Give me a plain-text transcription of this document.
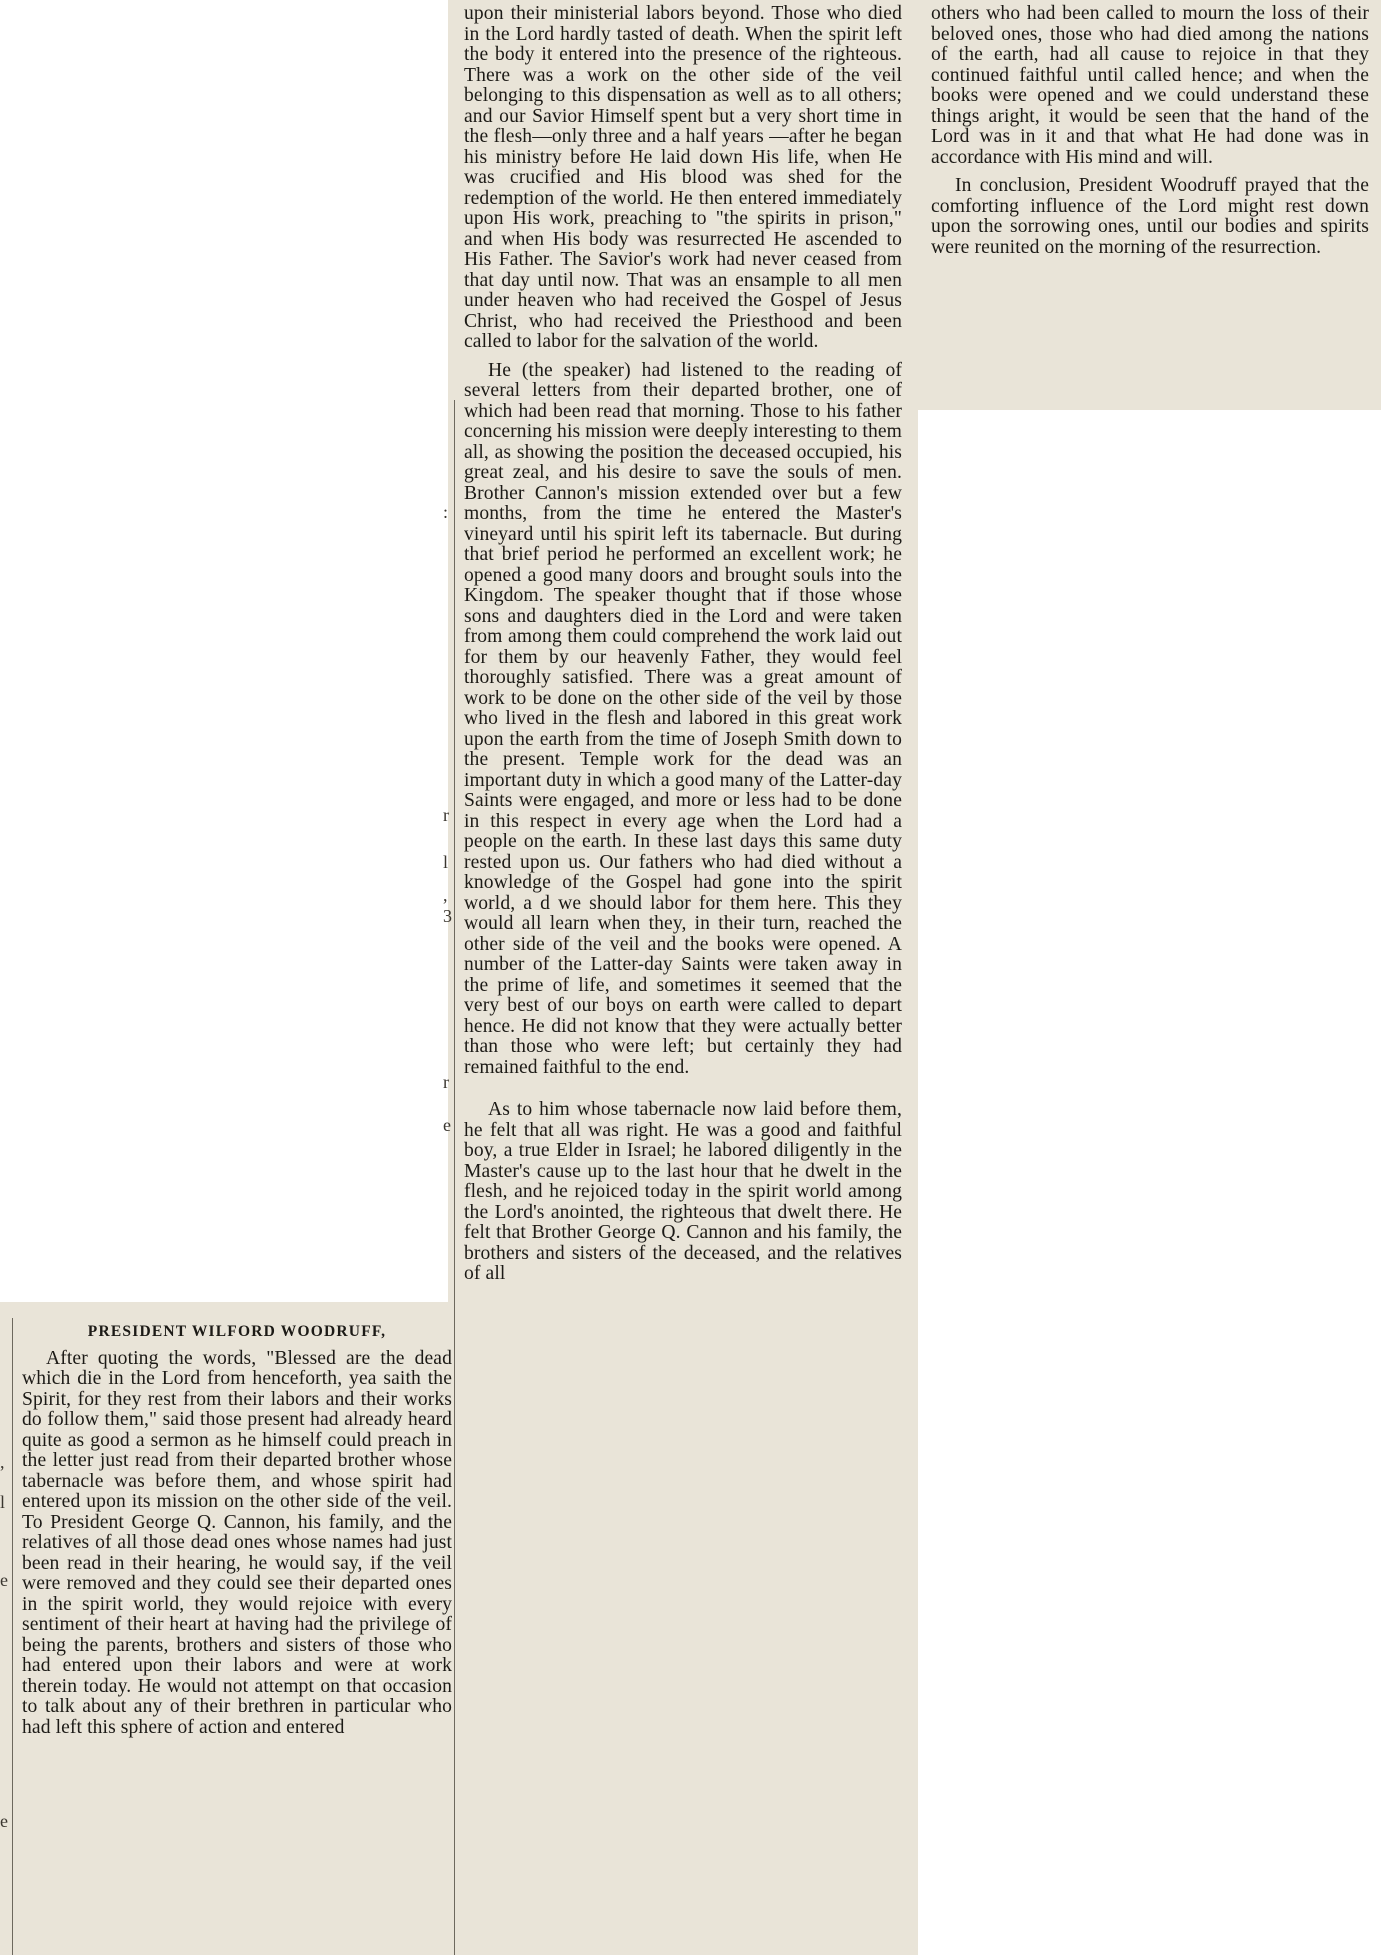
:
r
l
,
3
r
e
,
l
e
e
PRESIDENT WILFORD WOODRUFF,

After quoting the words, "Blessed are the dead which die in the Lord from henceforth, yea saith the Spirit, for they rest from their labors and their works do follow them," said those present had already heard quite as good a sermon as he himself could preach in the letter just read from their departed brother whose tabernacle was before them, and whose spirit had entered upon its mission on the other side of the veil. To President George Q. Cannon, his family, and the relatives of all those dead ones whose names had just been read in their hearing, he would say, if the veil were removed and they could see their departed ones in the spirit world, they would rejoice with every sentiment of their heart at having had the privilege of being the parents, brothers and sisters of those who had entered upon their labors and were at work therein today. He would not attempt on that occasion to talk about any of their brethren in particular who had left this sphere of action and entered

upon their ministerial labors beyond. Those who died in the Lord hardly tasted of death. When the spirit left the body it entered into the presence of the righteous. There was a work on the other side of the veil belonging to this dispensation as well as to all others; and our Savior Himself spent but a very short time in the flesh—only three and a half years —after he began his ministry before He laid down His life, when He was crucified and His blood was shed for the redemption of the world. He then entered immediately upon His work, preaching to "the spirits in prison," and when His body was resurrected He ascended to His Father. The Savior's work had never ceased from that day until now. That was an ensample to all men under heaven who had received the Gospel of Jesus Christ, who had received the Priesthood and been called to labor for the salvation of the world.

He (the speaker) had listened to the reading of several letters from their departed brother, one of which had been read that morning. Those to his father concerning his mission were deeply interesting to them all, as showing the position the deceased occupied, his great zeal, and his desire to save the souls of men. Brother Cannon's mission extended over but a few months, from the time he entered the Master's vineyard until his spirit left its tabernacle. But during that brief period he performed an excellent work; he opened a good many doors and brought souls into the Kingdom. The speaker thought that if those whose sons and daughters died in the Lord and were taken from among them could comprehend the work laid out for them by our heavenly Father, they would feel thoroughly satisfied. There was a great amount of work to be done on the other side of the veil by those who lived in the flesh and labored in this great work upon the earth from the time of Joseph Smith down to the present. Temple work for the dead was an important duty in which a good many of the Latter-day Saints were engaged, and more or less had to be done in this respect in every age when the Lord had a people on the earth. In these last days this same duty rested upon us. Our fathers who had died without a knowledge of the Gospel had gone into the spirit world, a d we should labor for them here. This they would all learn when they, in their turn, reached the other side of the veil and the books were opened. A number of the Latter-day Saints were taken away in the prime of life, and sometimes it seemed that the very best of our boys on earth were called to depart hence. He did not know that they were actually better than those who were left; but certainly they had remained faithful to the end.

As to him whose tabernacle now laid before them, he felt that all was right. He was a good and faithful boy, a true Elder in Israel; he labored diligently in the Master's cause up to the last hour that he dwelt in the flesh, and he rejoiced today in the spirit world among the Lord's anointed, the righteous that dwelt there. He felt that Brother George Q. Cannon and his family, the brothers and sisters of the deceased, and the relatives of all

others who had been called to mourn the loss of their beloved ones, those who had died among the nations of the earth, had all cause to rejoice in that they continued faithful until called hence; and when the books were opened and we could understand these things aright, it would be seen that the hand of the Lord was in it and that what He had done was in accordance with His mind and will.

In conclusion, President Woodruff prayed that the comforting influence of the Lord might rest down upon the sorrowing ones, until our bodies and spirits were reunited on the morning of the resurrection.
